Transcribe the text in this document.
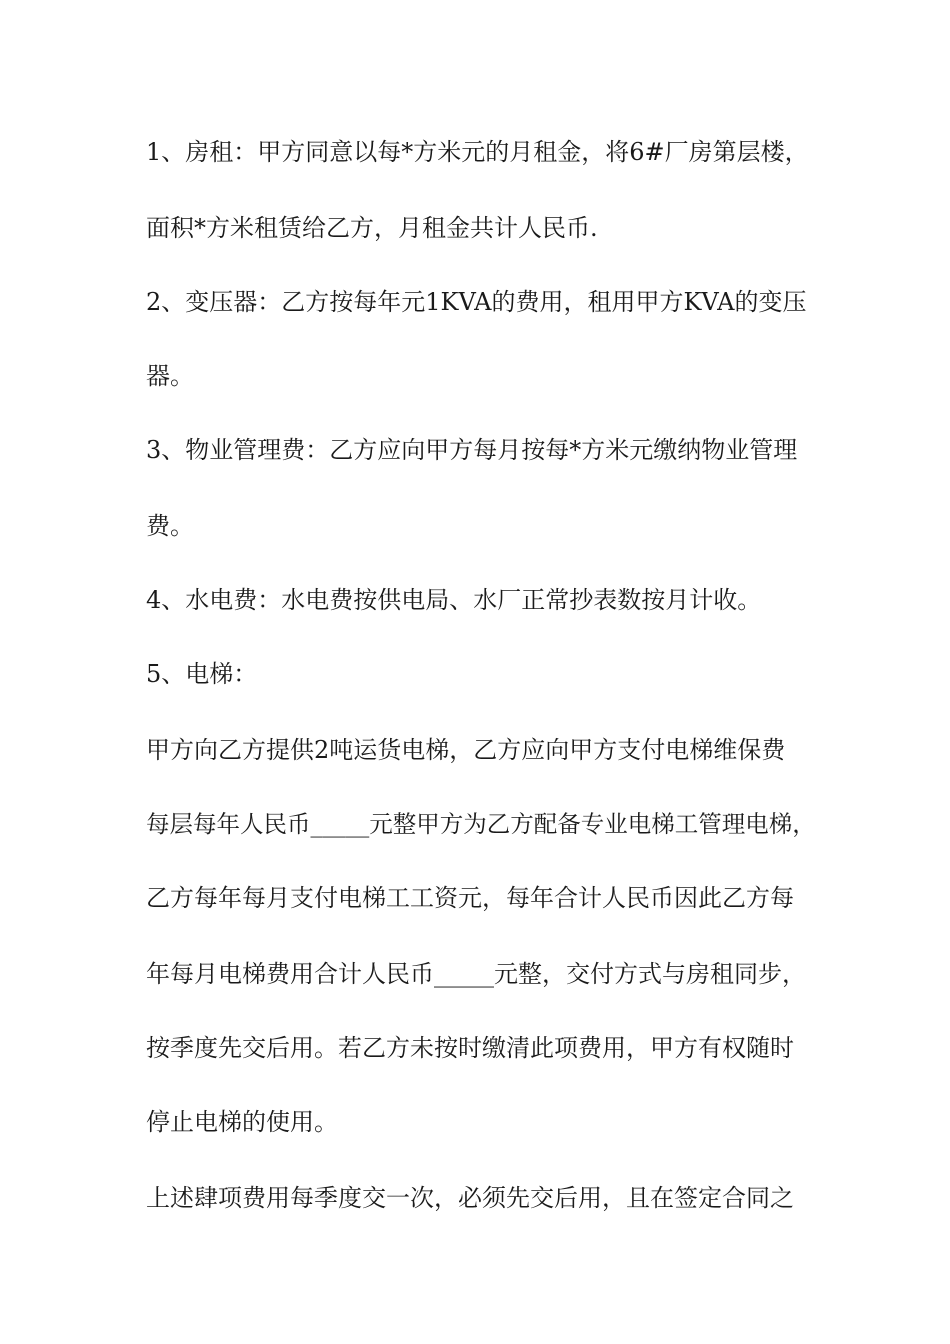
1、房租：甲方同意以每*方米元的月租金，将6#厂房第层楼，

面积*方米租赁给乙方，月租金共计人民币.

2、变压器：乙方按每年元1KVA的费用，租用甲方KVA的变压

器。

3、物业管理费：乙方应向甲方每月按每*方米元缴纳物业管理

费。

4、水电费：水电费按供电局、水厂正常抄表数按月计收。

5、电梯：

甲方向乙方提供2吨运货电梯，乙方应向甲方支付电梯维保费

每层每年人民币_____元整甲方为乙方配备专业电梯工管理电梯，

乙方每年每月支付电梯工工资元，每年合计人民币因此乙方每

年每月电梯费用合计人民币_____元整，交付方式与房租同步，

按季度先交后用。若乙方未按时缴清此项费用，甲方有权随时

停止电梯的使用。

上述肆项费用每季度交一次，必须先交后用，且在签定合同之
